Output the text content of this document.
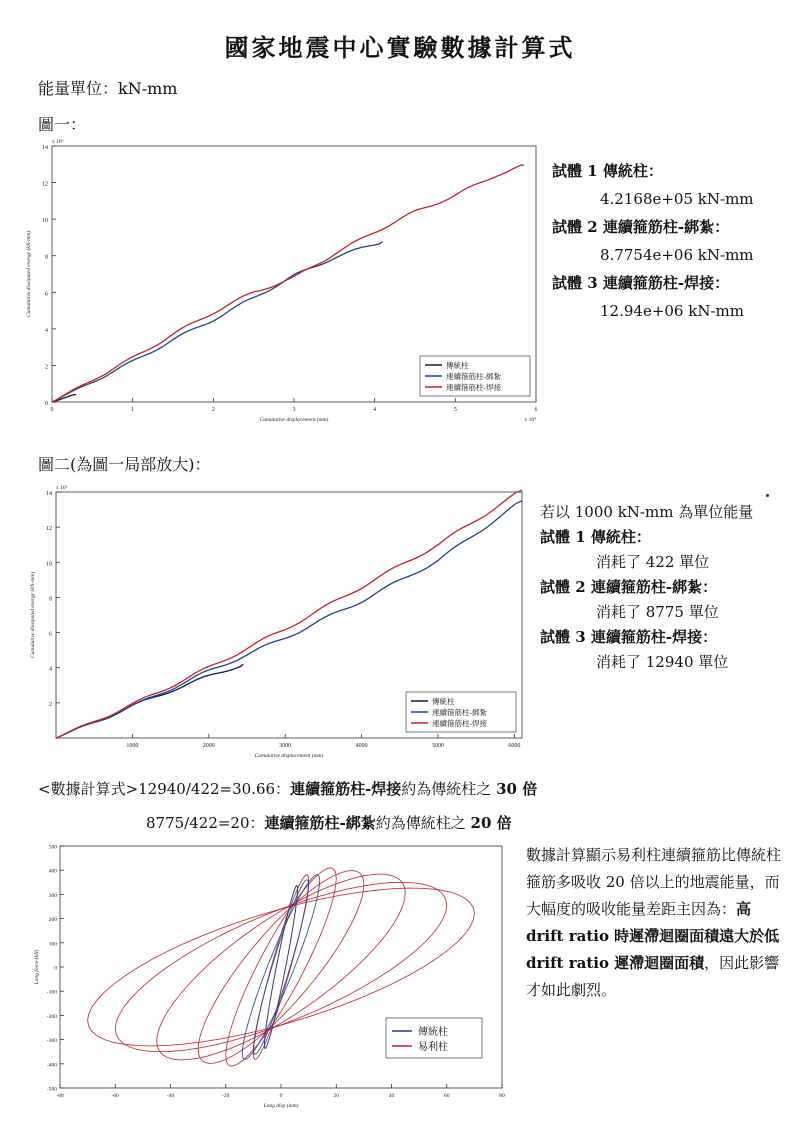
國家地震中心實驗數據計算式
能量單位：kN-mm
圖一：
0
2
4
6
8
10
12
14
0	1	2	3	4	5	6
Cumulative displacement (mm)
Cumulative dissipated energy (kN-mm)
x 10⁶
x 10⁴
傳統柱
連續箍筋柱-綁紮
連續箍筋柱-焊接
試體 1 傳統柱：
4.2168e+05 kN-mm
試體 2 連續箍筋柱-綁紮：
8.7754e+06 kN-mm
試體 3 連續箍筋柱-焊接：
12.94e+06 kN-mm
圖二(為圖一局部放大)：
2
4
6
8
10
12
14
1000	2000	3000	4000	5000	6000
Cumulative displacement (mm)
Cumulative dissipated energy (kN-mm)
x 10⁵
傳統柱
連續箍筋柱-綁紮
連續箍筋柱-焊接
若以 1000 kN-mm 為單位能量
試體 1 傳統柱：
消耗了 422 單位
試體 2 連續箍筋柱-綁紮：
消耗了 8775 單位
試體 3 連續箍筋柱-焊接：
消耗了 12940 單位
<數據計算式>12940/422=30.66：連續箍筋柱-焊接約為傳統柱之 30 倍
8775/422=20：連續箍筋柱-綁紮約為傳統柱之 20 倍
500
400
300
200
100
0
-100
-200
-300
-400
-500
-80	-60	-40	-20	0	20	40	60	80
Long disp (mm)
Long force (kN)
傳統柱
易利柱
數據計算顯示易利柱連續箍筋比傳統柱箍筋多吸收 20 倍以上的地震能量，而大幅度的吸收能量差距主因為：高 drift ratio 時遲滯迴圈面積遠大於低 drift ratio 遲滯迴圈面積，因此影響才如此劇烈。
